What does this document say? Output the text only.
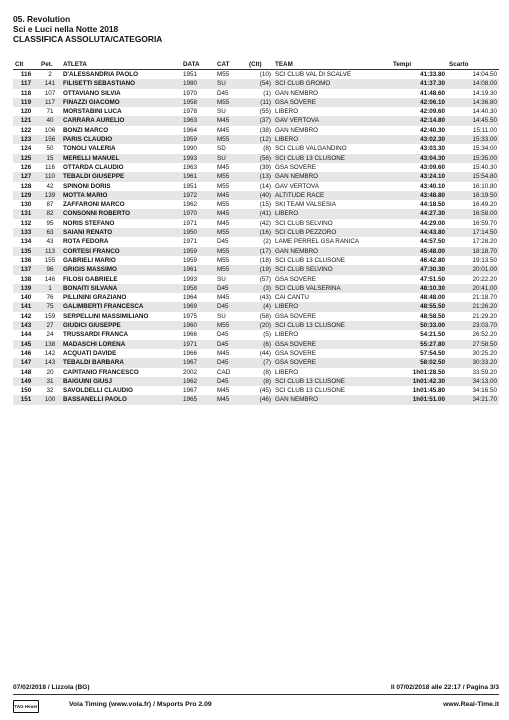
05. Revolution
Sci e Luci nella Notte 2018
CLASSIFICA ASSOLUTA/CATEGORIA
Clt	Pet.	ATLETA	DATA	CAT	(Clt)	TEAM	Tempi	Scarto
116	2	D'ALESSANDRIA PAOLO	1951	M55	(10)	SCI CLUB VAL DI SCALVE	41:33.80	14:04.50
117	141	FILISETTI SEBASTIANO	1980	SU	(54)	SCI CLUB GROMO	41:37.30	14:08.00
118	107	OTTAVIANO SILVIA	1970	D45	(1)	GAN NEMBRO	41:48.60	14:19.30
119	117	FINAZZI GIACOMO	1958	M55	(11)	GSA SOVERE	42:06.10	14:36.80
120	71	MORSTABINI LUCA	1978	SU	(55)	LIBERO	42:09.60	14:40.30
121	40	CARRARA AURELIO	1963	M45	(37)	GAV VERTOVA	42:14.80	14:45.50
122	106	BONZI MARCO	1964	M45	(38)	GAN NEMBRO	42:40.30	15:11.00
123	156	PARIS CLAUDIO	1959	M55	(12)	LIBERO	43:02.30	15:33.00
124	50	TONOLI VALERIA	1990	SD	(8)	SCI CLUB VALGANDINO	43:03.30	15:34.00
125	15	MERELLI MANUEL	1993	SU	(56)	SCI CLUB 13 CLUSONE	43:04.30	15:35.00
126	116	OTTARDA CLAUDIO	1963	M45	(39)	GSA SOVERE	43:09.60	15:40.30
127	110	TEBALDI GIUSEPPE	1961	M55	(13)	GAN NEMBRO	43:24.10	15:54.80
128	42	SPINONI DORIS	1951	M55	(14)	GAV VERTOVA	43:40.10	16:10.80
129	139	MOTTA MARIO	1972	M45	(40)	ALTITUDE RACE	43:48.80	16:19.50
130	87	ZAFFARONI MARCO	1962	M55	(15)	SKI TEAM VALSESIA	44:18.50	16:49.20
131	82	CONSONNI ROBERTO	1970	M45	(41)	LIBERO	44:27.30	16:58.00
132	95	NORIS STEFANO	1971	M45	(42)	SCI CLUB SELVINO	44:29.00	16:59.70
133	63	SAIANI RENATO	1950	M55	(16)	SCI CLUB PEZZORO	44:43.80	17:14.50
134	43	ROTA FEDORA	1971	D45	(2)	LAME PERREL GSA RANICA	44:57.50	17:28.20
135	113	CORTESI FRANCO	1959	M55	(17)	GAN NEMBRO	45:48.00	18:18.70
136	155	GABRIELI MARIO	1959	M55	(18)	SCI CLUB 13 CLUSONE	46:42.80	19:13.50
137	96	GRIGIS MASSIMO	1961	M55	(19)	SCI CLUB SELVINO	47:30.30	20:01.00
138	146	FILOSI GABRIELE	1993	SU	(57)	GSA SOVERE	47:51.50	20:22.20
139	1	BONAITI SILVANA	1958	D45	(3)	SCI CLUB VALSERINA	48:10.30	20:41.00
140	76	PILLININI GRAZIANO	1964	M45	(43)	CAI CANTU	48:48.00	21:18.70
141	75	GALIMBERTI FRANCESCA	1969	D45	(4)	LIBERO	48:55.50	21:26.20
142	159	SERPELLINI MASSIMILIANO	1975	SU	(58)	GSA SOVERE	48:58.50	21:29.20
143	27	GIUDICI GIUSEPPE	1960	M55	(20)	SCI CLUB 13 CLUSONE	50:33.00	23:03.70
144	24	TRUSSARDI FRANCA	1966	D45	(5)	LIBERO	54:21.50	26:52.20
145	138	MADASCHI LORENA	1971	D45	(6)	GSA SOVERE	55:27.80	27:58.50
146	142	ACQUATI DAVIDE	1966	M45	(44)	GSA SOVERE	57:54.50	30:25.20
147	143	TEBALDI BARBARA	1967	D45	(7)	GSA SOVERE	58:02.50	30:33.20
148	20	CAPITANIO FRANCESCO	2002	CAD	(8)	LIBERO	1h01:28.50	33:59.20
149	31	BAIGUINI GIUSJ	1962	D45	(8)	SCI CLUB 13 CLUSONE	1h01:42.30	34:13.00
150	32	SAVOLDELLI CLAUDIO	1967	M45	(45)	SCI CLUB 13 CLUSONE	1h01:45.80	34:16.50
151	100	BASSANELLI PAOLO	1965	M45	(46)	GAN NEMBRO	1h01:51.00	34:21.70
07/02/2018 / Lizzola (BG)	Il 07/02/2018 alle 22:17 / Pagina 3/3
TAG Heuer	Vola Timing (www.vola.fr) / Msports Pro 2.09	www.Real-Time.it
